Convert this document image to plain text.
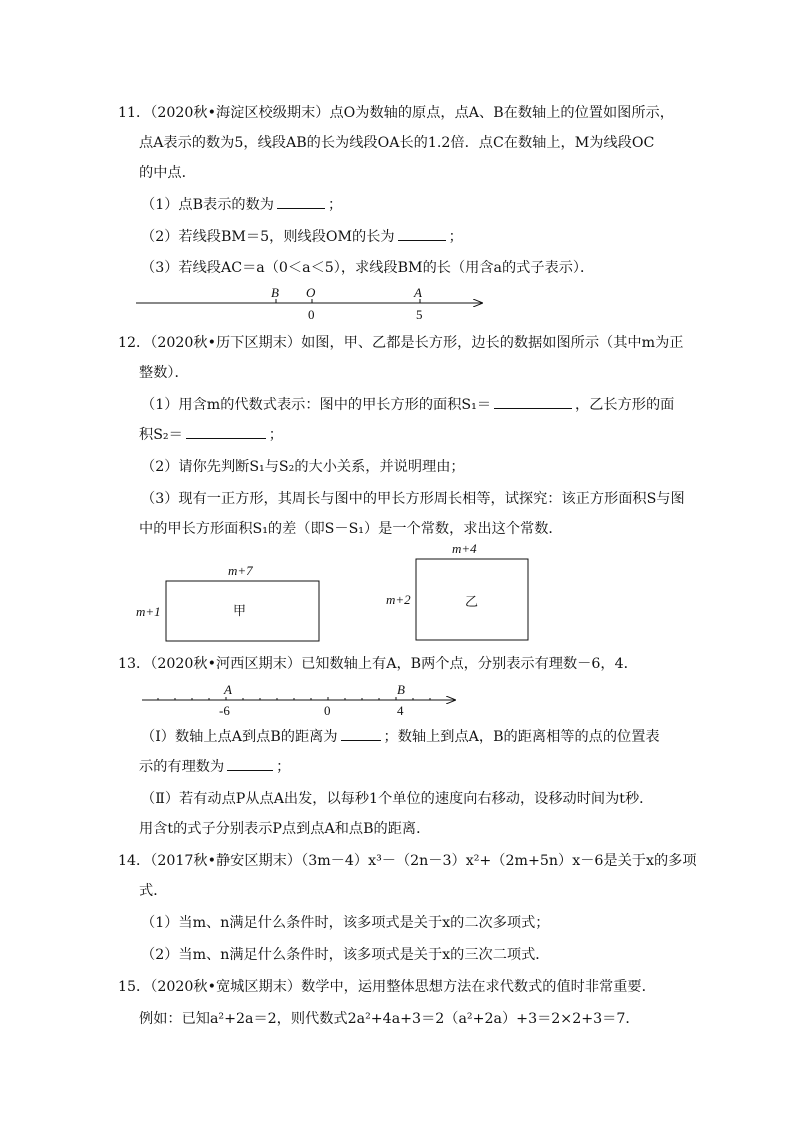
11．（2020秋•海淀区校级期末）点O为数轴的原点，点A、B在数轴上的位置如图所示，
点A表示的数为5，线段AB的长为线段OA长的1.2倍．点C在数轴上，M为线段OC
的中点．
（1）点B表示的数为	；
（2）若线段BM＝5，则线段OM的长为	；
（3）若线段AC＝a（0＜a＜5），求线段BM的长（用含a的式子表示）．
B O	A
0	5
m+7
m+1	甲
m+4
m+2	乙
A	B
-6	0	4
12．（2020秋•历下区期末）如图，甲、乙都是长方形，边长的数据如图所示（其中m为正
整数）．
（1）用含m的代数式表示：图中的甲长方形的面积S₁＝	，乙长方形的面
积S₂＝	；
（2）请你先判断S₁与S₂的大小关系，并说明理由；
（3）现有一正方形，其周长与图中的甲长方形周长相等，试探究：该正方形面积S与图
中的甲长方形面积S₁的差（即S－S₁）是一个常数，求出这个常数．
13．（2020秋•河西区期末）已知数轴上有A，B两个点，分别表示有理数－6，4．
（Ⅰ）数轴上点A到点B的距离为	；数轴上到点A，B的距离相等的点的位置表
示的有理数为	；
（Ⅱ）若有动点P从点A出发，以每秒1个单位的速度向右移动，设移动时间为t秒．
用含t的式子分别表示P点到点A和点B的距离．
14．（2017秋•静安区期末）（3m－4）x³－（2n－3）x²+（2m+5n）x－6是关于x的多项
式．
（1）当m、n满足什么条件时，该多项式是关于x的二次多项式；
（2）当m、n满足什么条件时，该多项式是关于x的三次二项式．
15．（2020秋•宽城区期末）数学中，运用整体思想方法在求代数式的值时非常重要．
例如：已知a²+2a＝2，则代数式2a²+4a+3＝2（a²+2a）+3＝2×2+3＝7．
